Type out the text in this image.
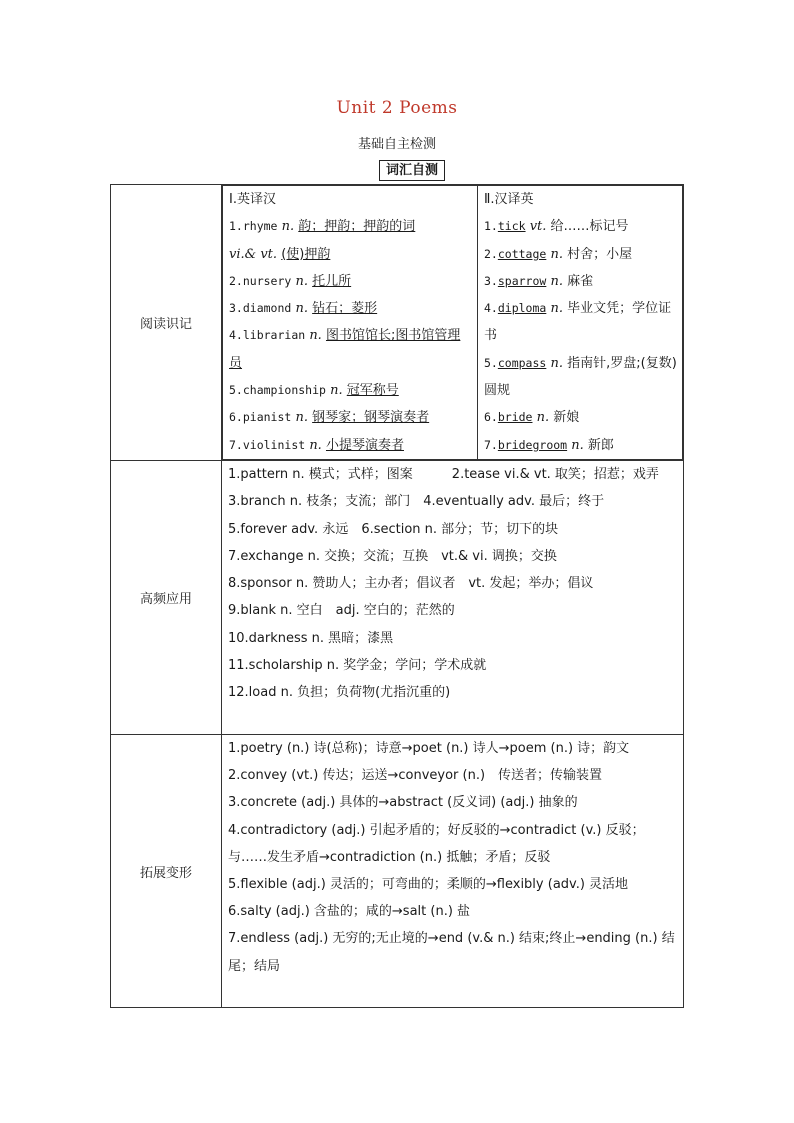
Unit 2 Poems
基础自主检测
词汇自测
阅读识记	
Ⅰ.英译汉
1.rhyme n. 韵；押韵；押韵的词
vi.& vt. (使)押韵
2.nursery n. 托儿所
3.diamond n. 钻石；菱形
4.librarian n. 图书馆馆长;图书馆管理员
5.championship n. 冠军称号
6.pianist n. 钢琴家；钢琴演奏者
7.violinist n. 小提琴演奏者

Ⅱ.汉译英
1.tick vt. 给……标记号
2.cottage n. 村舍；小屋
3.sparrow n. 麻雀
4.diploma n. 毕业文凭；学位证书
5.compass n. 指南针,罗盘;(复数)圆规
6.bride n. 新娘
7.bridegroom n. 新郎

高频应用	
1.pattern n. 模式；式样；图案　　　2.tease vi.& vt. 取笑；招惹；戏弄
3.branch n. 枝条；支流；部门　4.eventually adv. 最后；终于
5.forever adv. 永远　6.section n. 部分；节；切下的块
7.exchange n. 交换；交流；互换　vt.& vi. 调换；交换
8.sponsor n. 赞助人；主办者；倡议者　vt. 发起；举办；倡议
9.blank n. 空白　adj. 空白的；茫然的
10.darkness n. 黑暗；漆黑
11.scholarship n. 奖学金；学问；学术成就
12.load n. 负担；负荷物(尤指沉重的)

拓展变形	
1.poetry (n.) 诗(总称)；诗意→poet (n.) 诗人→poem (n.) 诗；韵文
2.convey (vt.) 传达；运送→conveyor (n.)　传送者；传输装置
3.concrete (adj.) 具体的→abstract (反义词) (adj.) 抽象的
4.contradictory (adj.) 引起矛盾的；好反驳的→contradict (v.) 反驳；与……发生矛盾→contradiction (n.) 抵触；矛盾；反驳
5.flexible (adj.) 灵活的；可弯曲的；柔顺的→flexibly (adv.) 灵活地
6.salty (adj.) 含盐的；咸的→salt (n.) 盐
7.endless (adj.) 无穷的;无止境的→end (v.& n.) 结束;终止→ending (n.) 结尾；结局
